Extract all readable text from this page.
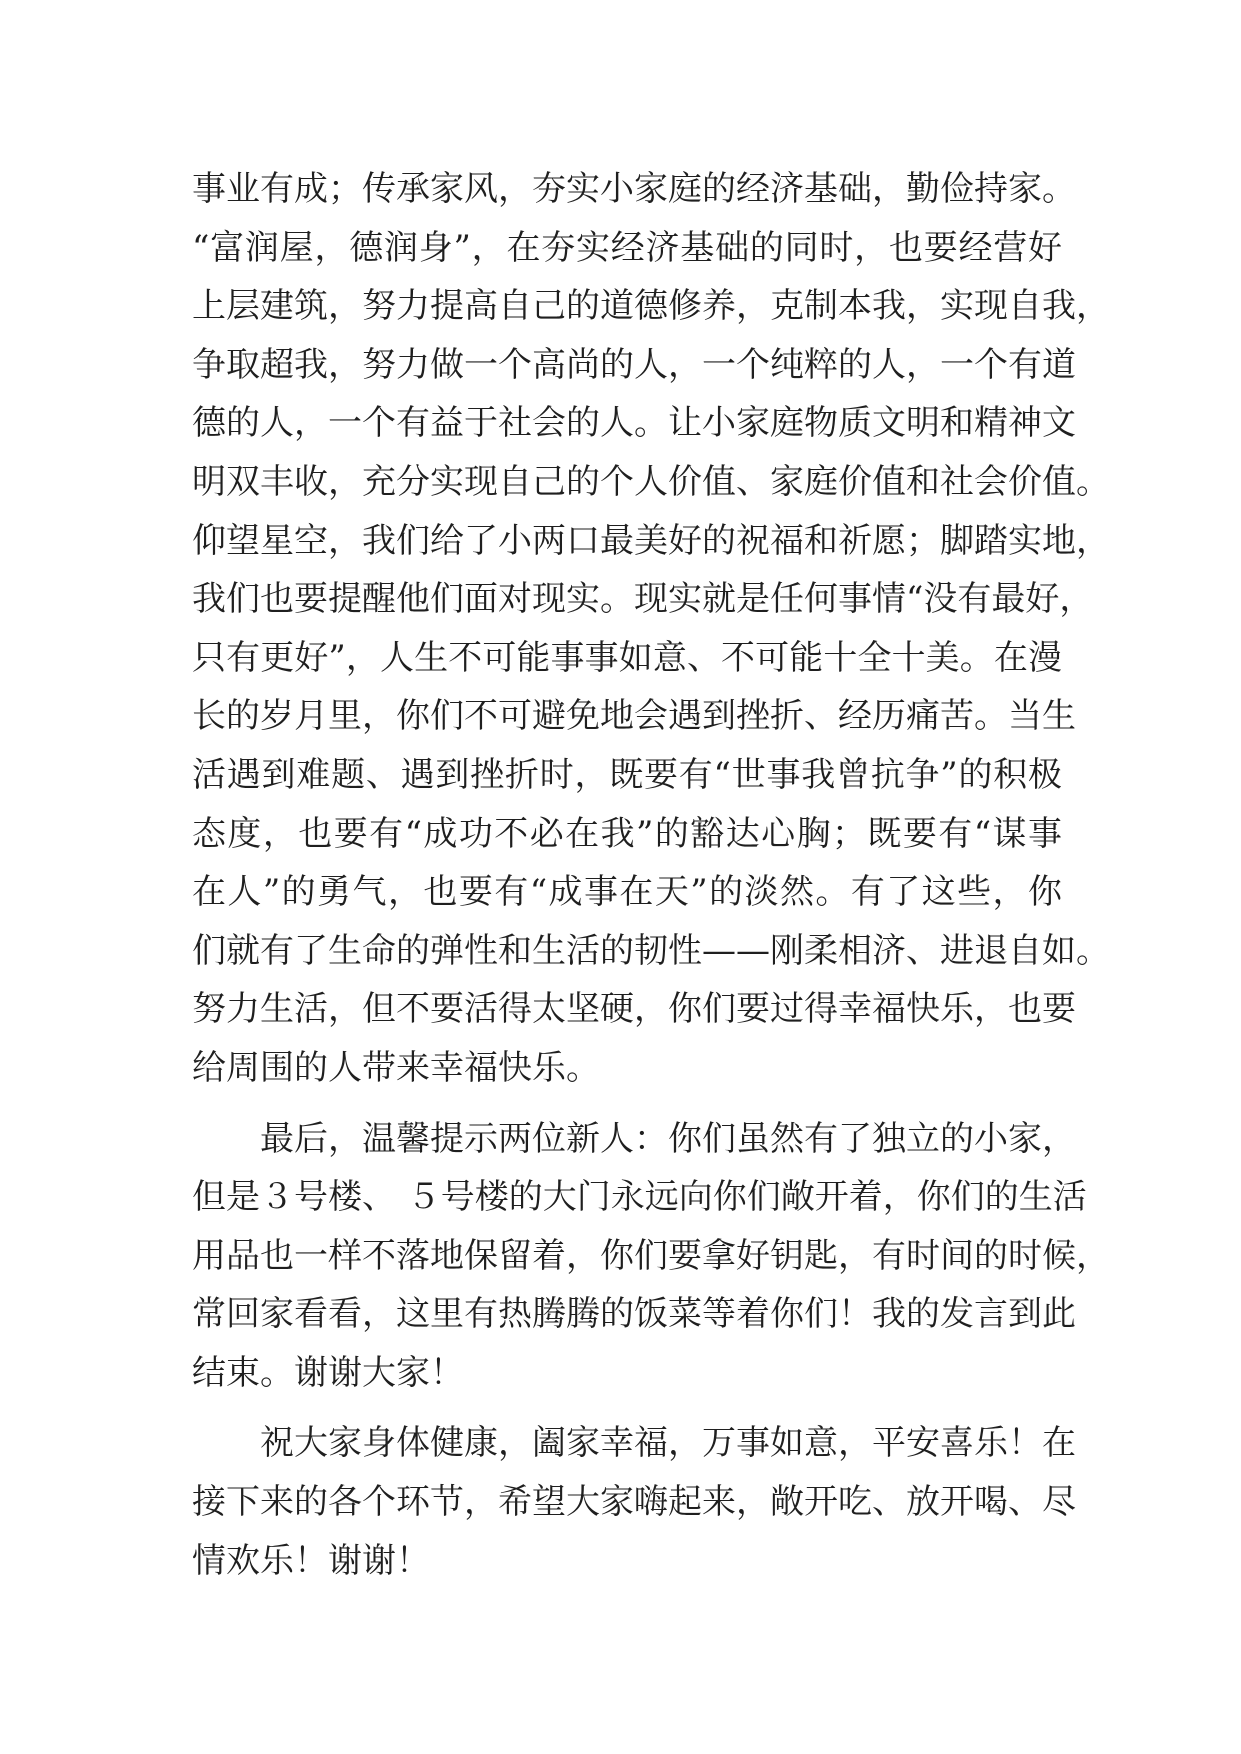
事业有成；传承家风，夯实小家庭的经济基础，勤俭持家。
“富润屋，德润身”，在夯实经济基础的同时，也要经营好
上层建筑，努力提高自己的道德修养，克制本我，实现自我，
争取超我，努力做一个高尚的人，一个纯粹的人，一个有道
德的人，一个有益于社会的人。让小家庭物质文明和精神文
明双丰收，充分实现自己的个人价值、家庭价值和社会价值。
仰望星空，我们给了小两口最美好的祝福和祈愿；脚踏实地，
我们也要提醒他们面对现实。现实就是任何事情“没有最好，
只有更好”，人生不可能事事如意、不可能十全十美。在漫
长的岁月里，你们不可避免地会遇到挫折、经历痛苦。当生
活遇到难题、遇到挫折时，既要有“世事我曾抗争”的积极
态度，也要有“成功不必在我”的豁达心胸；既要有“谋事
在人”的勇气，也要有“成事在天”的淡然。有了这些，你
们就有了生命的弹性和生活的韧性——刚柔相济、进退自如。
努力生活，但不要活得太坚硬，你们要过得幸福快乐，也要
给周围的人带来幸福快乐。
最后，温馨提示两位新人：你们虽然有了独立的小家，
但是３号楼、 ５号楼的大门永远向你们敞开着，你们的生活
用品也一样不落地保留着，你们要拿好钥匙，有时间的时候，
常回家看看，这里有热腾腾的饭菜等着你们！我的发言到此
结束。谢谢大家！
祝大家身体健康，阖家幸福，万事如意，平安喜乐！在
接下来的各个环节，希望大家嗨起来，敞开吃、放开喝、尽
情欢乐！谢谢！
